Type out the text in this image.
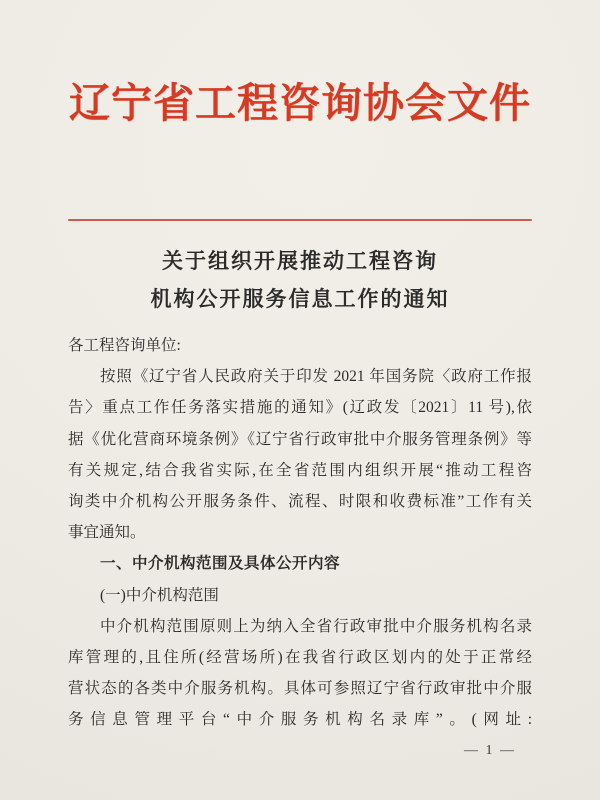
辽宁省工程咨询协会文件
关于组织开展推动工程咨询
机构公开服务信息工作的通知
各工程咨询单位:
按照《辽宁省人民政府关于印发 2021 年国务院〈政府工作报
告〉重点工作任务落实措施的通知》(辽政发〔2021〕11 号),依
据《优化营商环境条例》《辽宁省行政审批中介服务管理条例》等
有关规定,结合我省实际,在全省范围内组织开展“推动工程咨
询类中介机构公开服务条件、流程、时限和收费标准”工作有关
事宜通知。
一、中介机构范围及具体公开内容
(一)中介机构范围
中介机构范围原则上为纳入全省行政审批中介服务机构名录
库管理的,且住所(经营场所)在我省行政区划内的处于正常经
营状态的各类中介服务机构。具体可参照辽宁省行政审批中介服
务信息管理平台“中介服务机构名录库”。(网址:
— 1 —
